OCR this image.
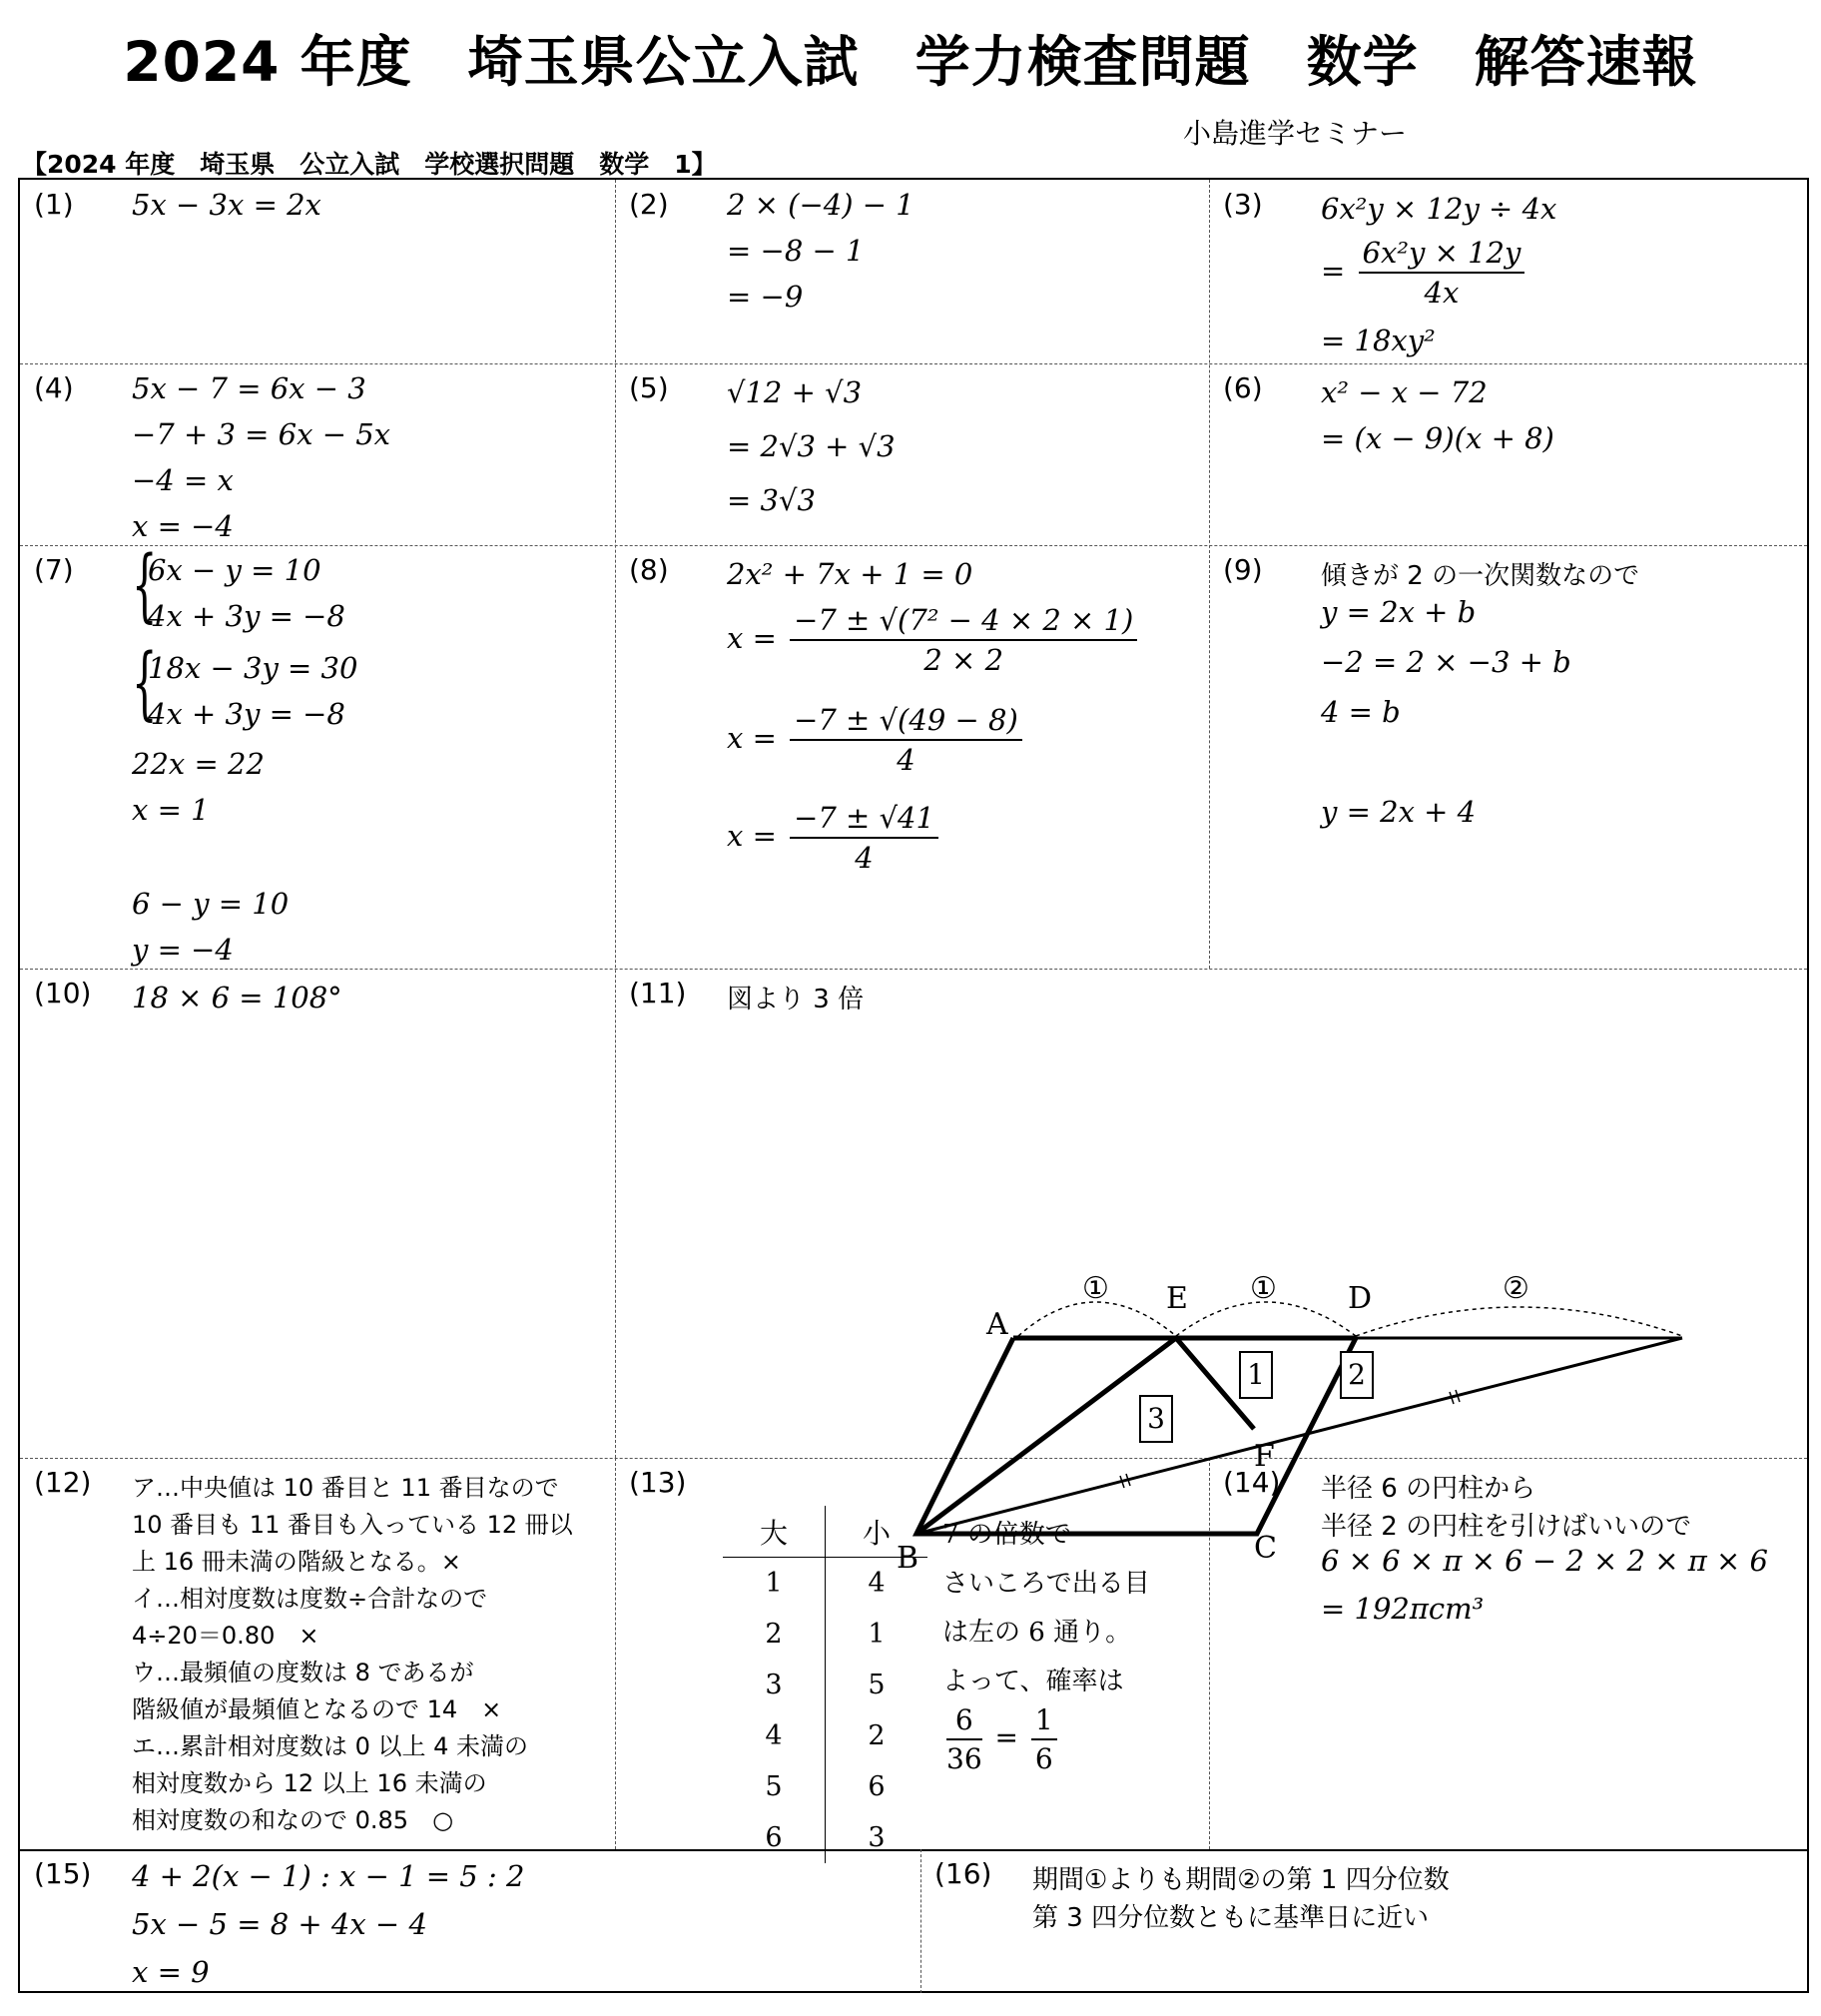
2024 年度　埼玉県公立入試　学力検査問題　数学　解答速報
小島進学セミナー
【2024 年度　埼玉県　公立入試　学校選択問題　数学　1】
(1) 5x − 3x = 2x	(2) 2 × (−4) − 1
= −8 − 1
= −9
(3) 6x²y × 12y ÷ 4x
= $\frac{\text{6x²y × 12y}}{4x}$
= 18xy²
(4) 5x − 7 = 6x − 3
−7 + 3 = 6x − 5x
−4 = x
x = −4
(5) √12 + √3
= 2√3 + √3
= 3√3
(6) x² − x − 72
= (x − 9)(x + 8)
(7) {
6x − y = 10
4x + 3y = −8
{
18x − 3y = 30
4x + 3y = −8
22x = 22
x = 1
6 − y = 10
y = −4
(8) 2x² + 7x + 1 = 0
$x = \frac{\text{−7 ± √(7² − 4 × 2 × 1)}}{2 \times 2}$
$x = \frac{-7 \pm √(49 - 8)}{4}$
$x = \frac{-7 \pm √41}{4}$
(9) 傾きが 2 の一次関数なので
y = 2x + b
−2 = 2 × −3 + b
4 = b
y = 2x + 4
(10) 18 × 6 = 108°	(11) 図より 3 倍
A
E	D
F
B	C
①	①	②
1	2
3
(12) ア…中央値は 10 番目と 11 番目なので
10 番目も 11 番目も入っている 12 冊以
上 16 冊未満の階級となる。×
イ…相対度数は度数÷合計なので
4÷20＝0.80　×
ウ…最頻値の度数は 8 であるが
階級値が最頻値となるので 14　×
エ…累計相対度数は 0 以上 4 未満の
相対度数から 12 以上 16 未満の
相対度数の和なので 0.85　○
(13)
大	小
1	4
2	1
3	5
4	2
5	6
6	3
7 の倍数で
さいころで出る目
は左の 6 通り。
よって、確率は
$\frac{6}{36} = \frac{1}{6}$
(14) 半径 6 の円柱から
半径 2 の円柱を引けばいいので
6 × 6 × π × 6 − 2 × 2 × π × 6
= 192πcm³
(15) 4 + 2(x − 1) : x − 1 = 5 : 2
5x − 5 = 8 + 4x − 4
x = 9
(16) 期間①よりも期間②の第 1 四分位数
第 3 四分位数ともに基準日に近い
